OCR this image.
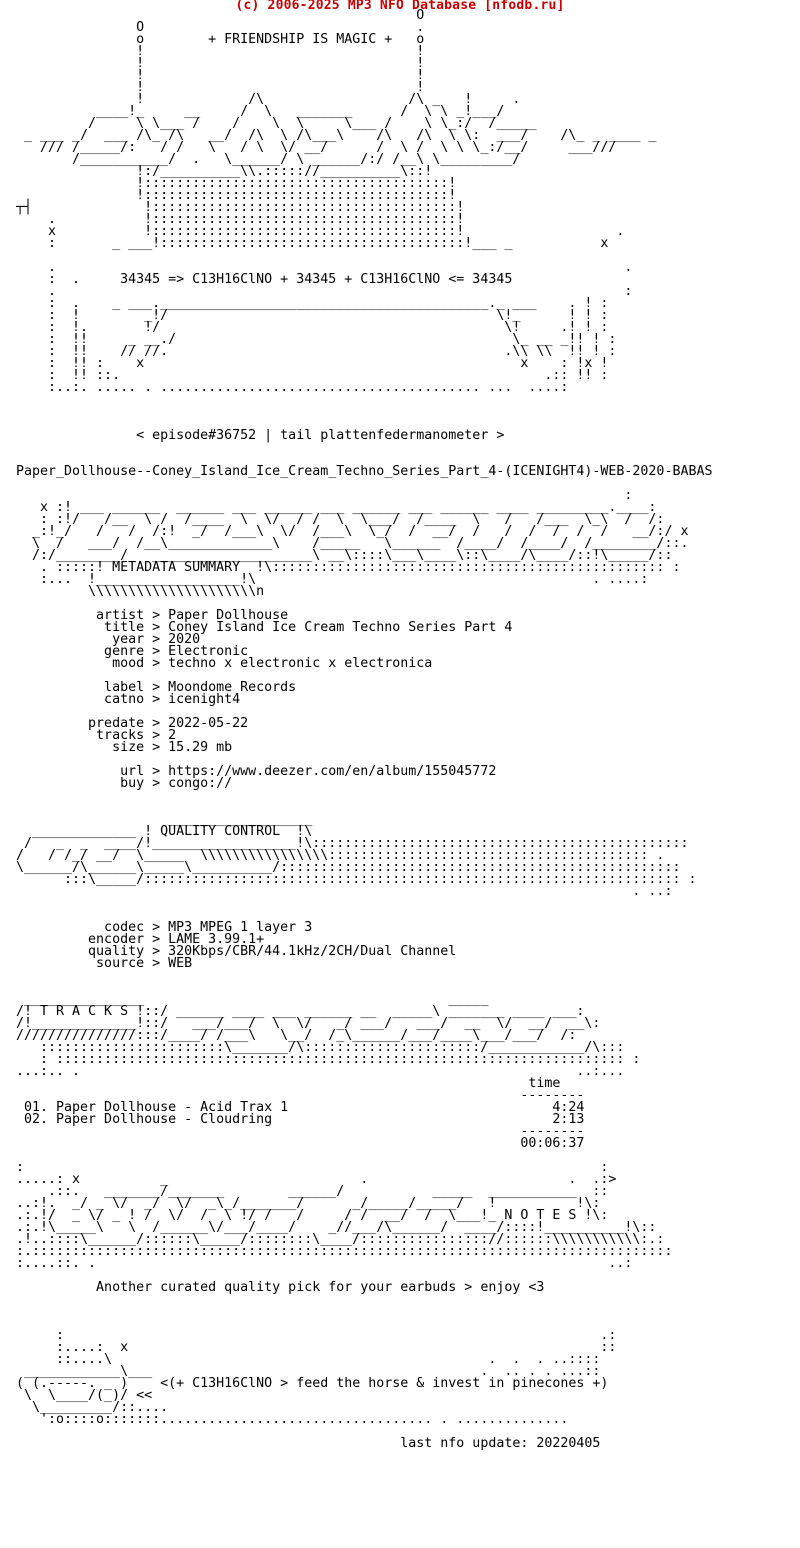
(c) 2006-2025 MP3 NFO Database [nfodb.ru]
O
O                                  .
o        + FRIENDSHIP IS MAGIC +   o
!                                  !
!                                  !
!                                  !
!                                  !
!             /\                  /\ _   !     .
____!_     __     /  \   _______      /  \ \ _!___/
/     \ \___ /    /    \  \     \___ /    \ \_:/  /_____
_ ___ _/  ___ /\_ /\   __/  /\  \ /\___\    /\   /\  \ \:  ___/    /\_ _ ____ _
/// /_____/:   / /   \   / \  \/ __/      /  \ /  \ \ \_:/__/     ___///
/___________/  .   \______/ \ ______/:/ /__\ \_________/
!:/__________\\.::::://__________\::!
!::::::::::::::::::::::::::::::::::::::!
!::::::::::::::::::::::::::::::::::::::!
┬┤              !::::::::::::::::::::::::::::::::::::::!
.           !::::::::::::::::::::::::::::::::::::::!
x           !::::::::::::::::::::::::::::::::::::::!                   .
:       _ ___!::::::::::::::::::::::::::::::::::::::!___ _           x

.                                                                       .
:  .     34345 => C13H16ClNO + 34345 + C13H16ClNO <= 34345
.                                                                       :
:  .    _ ___._________________________________________._ ___    . ! :
:  !        _!/                                         \!_      ! ! :
:  !.       !/                                           \!     .! ! :
:  !!     _ __./                                          \_ __ _!! ! :
:  !!    // //.                                          .\\ \\  !! ! :
:  !! :    x                                               x    : !x !
:  !! ::.                                                     .:: !! :
:..:. ..... . ........................................ ...  ....:

< episode#36752 | tail plattenfedermanometer >

Paper_Dollhouse--Coney_Island_Ice_Cream_Techno_Series_Part_4-(ICENIGHT4)-WEB-2020-BABAS

:
x :! ___ ______  ______ ___ ______ ___ ______ ___ ______ ____ _________.____:
: :!/   /__  \ /  /____  \  \/  / /  \  \___/  /____  \   /   /___  \_\  /  /:
_:!_/   /   /  /:!  _/  /___\  \/  /___\  \_/  /  __/  /   /  /  /  /  /   __/:/ x
\  /   ___/  /__\_____________\    /_____   \______  /____/  /____/  /________/::.
/:/________/   ____________________\ __\::::\___\____\::\____/\____/::!\_____/::
. :::::! METADATA SUMMARY  !\::::::::::::::::::::::::::::::::::::::::::::::::: :
:...  !__________________!\                                          . ....:
\\\\\\\\\\\\\\\\\\\\\n

artist > Paper Dollhouse
title > Coney Island Ice Cream Techno Series Part 4
year > 2020
genre > Electronic
mood > techno x electronic x electronica

label > Moondome Records
catno > icenight4

predate > 2022-05-22
tracks > 2
size > 15.29 mb

url > https://www.deezer.com/en/album/155045772
buy > congo://

__________________
_____________ ! QUALITY CONTROL  !\
/   _  _  ____/!__________________!\:::::::::::::::::::::::::::::::::::::::::::::::
/   / /_/ __/  \_____  \\\\\\\\\\\\\\\\:::::::::::::::::::::::::::::::::::::::: .
\______/\______\_____\__________/::::::::::::::::::::::::::::::::::::::::::::::::::
:::\_____/::::::::::::::::::::::::::::::::::::::::::::::::::::::::::::::::::: :
. ..:

codec > MP3 MPEG 1 layer 3
encoder > LAME 3.99.1+
quality > 320Kbps/CBR/44.1kHz/2CH/Dual Channel
source > WEB

_______________                                      _____
/! T R A C K S !::/ ______ ____ ___ ______ __  _____\ _______ ____ ___:
/!_____________!::/   ___/___/  \  \/   _/ ___/   ___/  __  \/  __/  __\:
///////////////:::/____/ /___\   \__/  /_\______/___/____\___/___/  /:
:::::::::::::::::::::::\_______/\::::::::::::::::::::::/____________/\:::
: ::::::::::::::::::::::::::::::::::::::::::::::::::::::::::::::::::::::: :
...:.. .                                                              ..:...
time
--------
01. Paper Dollhouse - Acid Trax 1                                 4:24
02. Paper Dollhouse - Cloudring                                   2:13
--------
00:06:37

:                                                                        :
.....: x          _                        .                         .  .:>
.::.   _______/_______        ______/           _____  ___________  ::
..:!.  _/ _ \/  _/  \/  _\_/_______/      _/_____/_____/   !          !\:
.:.!/  _ \/ _ ! /  \/  /  \ !/ /   /     / /  __/  /  \___!_ N O T E S !\:
.:.!\_____\   \  /______\/___/____/    _//___/\______/  ____/::::!__________!\::
.!..::::\______/::::::\_____/::::::::\____/:::::::::::::::://::::::\\\\\\\\\\\:.:
:.::::::::::::::::::::::::::::::::::::::::::::::::::::::::::::::::::::::::::::::::
:....::. .                                                                ..:

Another curated quality pick for your earbuds > enjoy <3

:                                                                   .:
:....:  x                                                           ::
::....\                                               .  .  . ..::::
____________\___                                         .  .. . . ...::
( (.-----. _ )    <(+ C13H16ClNO > feed the horse & invest in pinecones +)
\  \____/(_)/ <<
\_________/::....
':o::::o:::::::.................................. . ..............

last nfo update: 20220405
